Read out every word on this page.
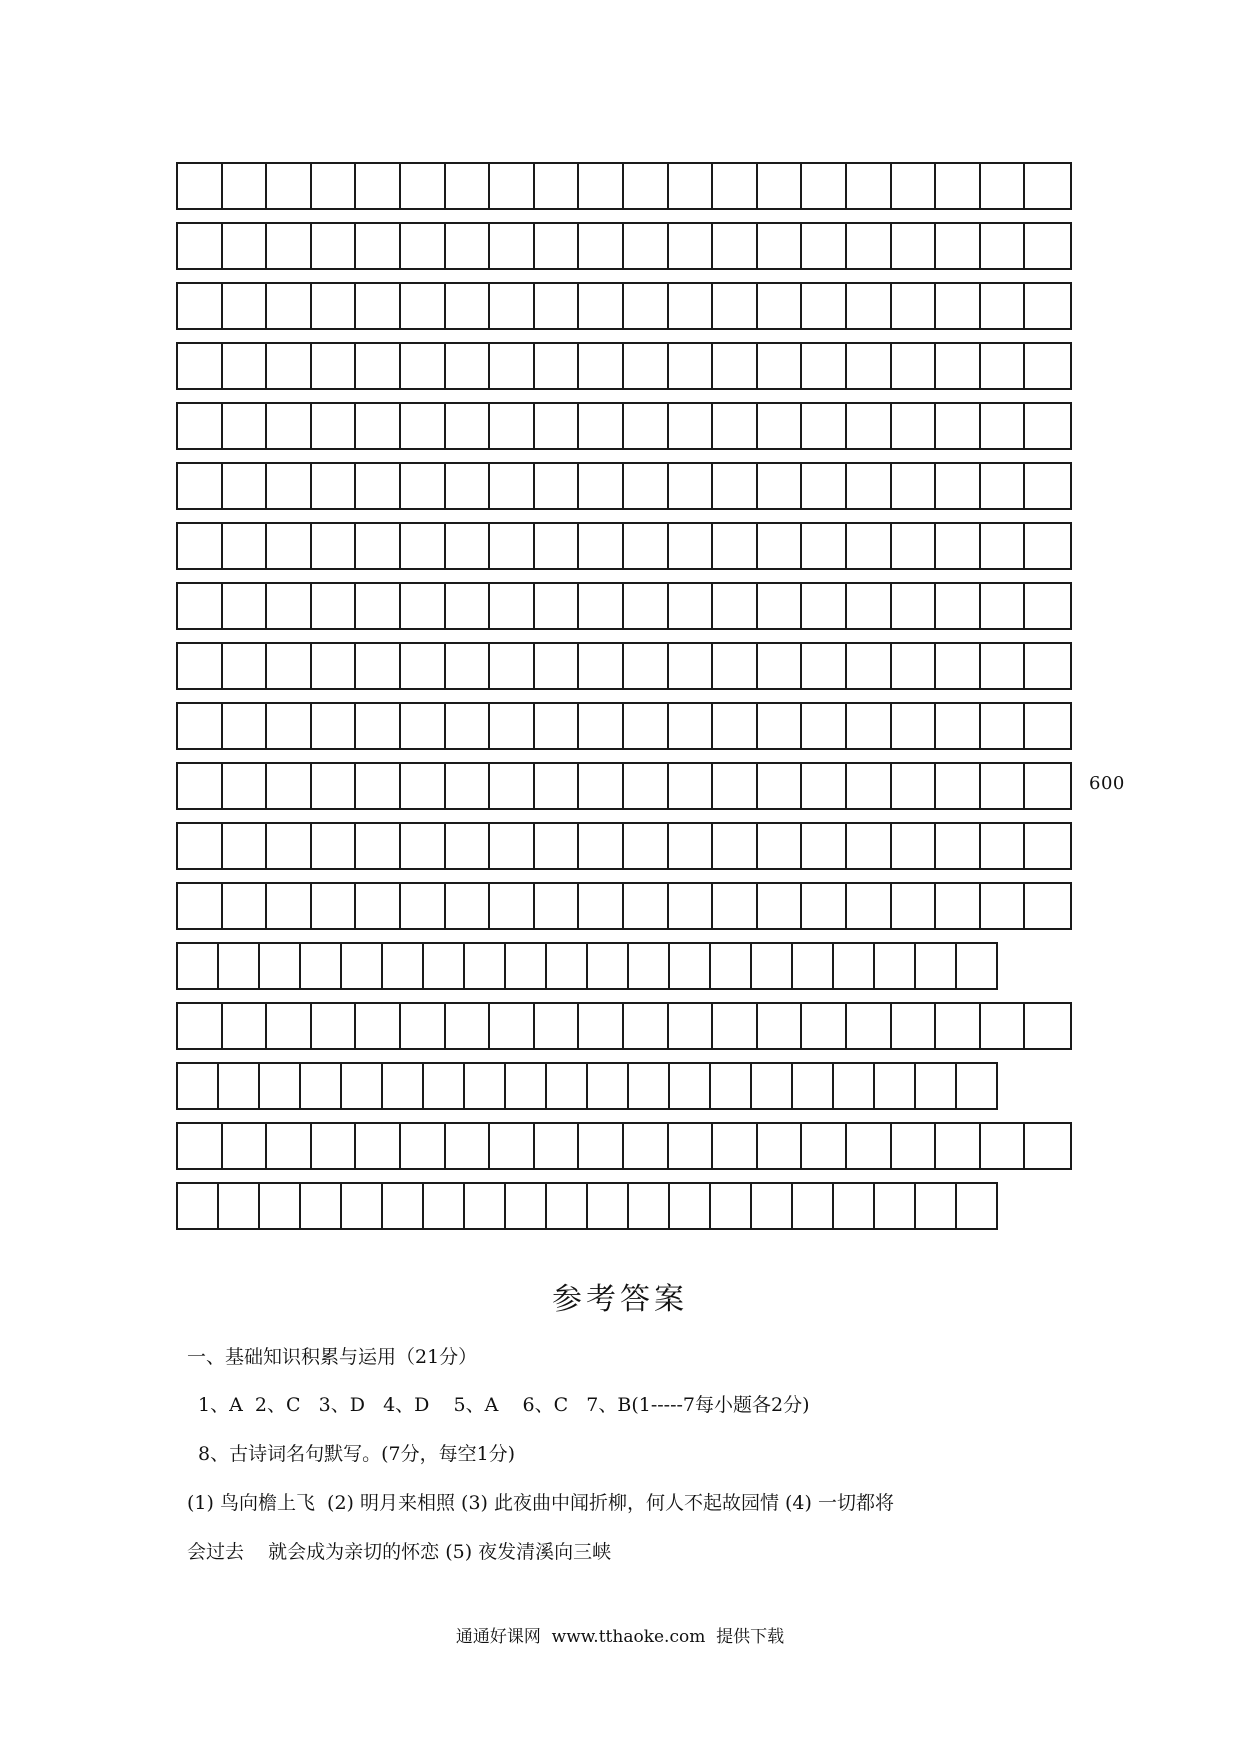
600
参考答案
一、基础知识积累与运用（21分）
1、A  2、C   3、D   4、D    5、A    6、C   7、B(1-----7每小题各2分)
8、古诗词名句默写。(7分，每空1分)
(1) 鸟向檐上飞  (2) 明月来相照 (3) 此夜曲中闻折柳，何人不起故园情 (4) 一切都将
会过去    就会成为亲切的怀恋 (5) 夜发清溪向三峡
通通好课网  www.tthaoke.com  提供下载
